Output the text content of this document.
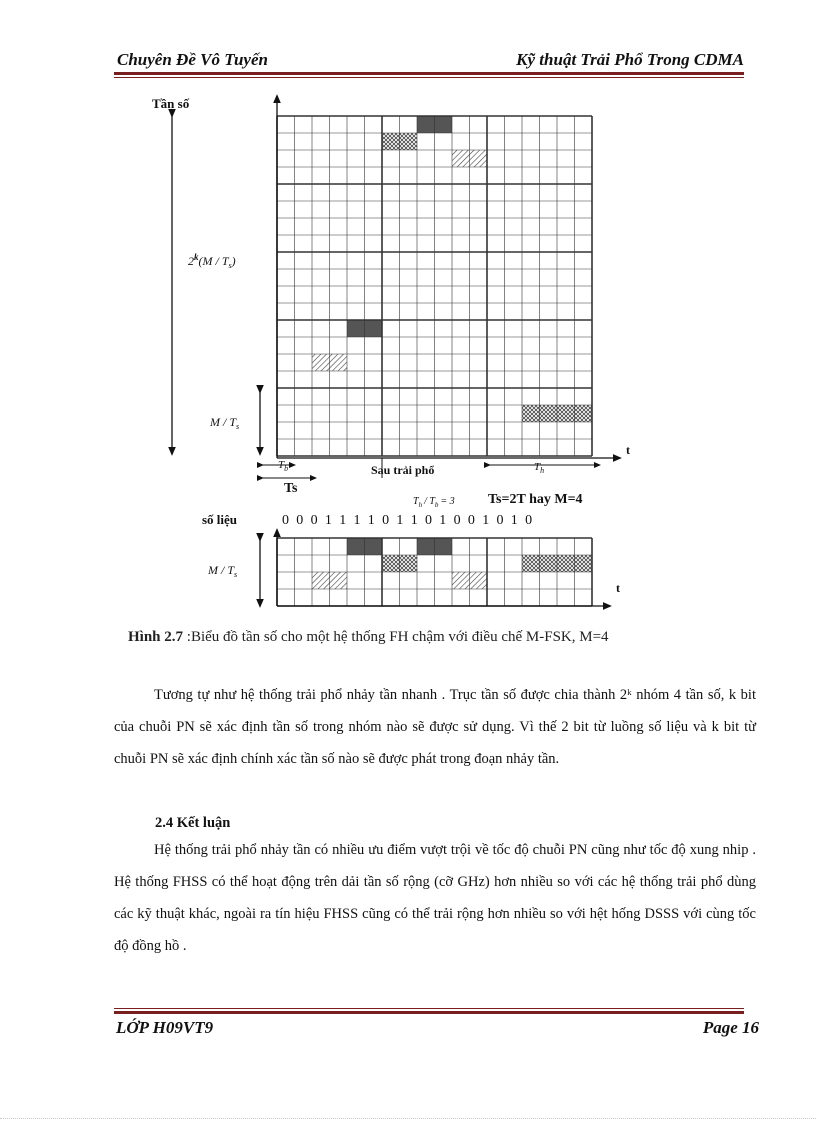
Chuyên Đề Vô Tuyến	Kỹ thuật Trải Phổ Trong CDMA
Tần số
$2^k(M / T_s)$
M / $T_s$
t
$T_b$
Ts
Sau trải phổ	$T_h$
$T_h / T_b = 3$ Ts=2T hay M=4
số liệu	0 0 0 1 1 1 1 0 1 1 0 1 0 0 1 0 1 0
t
M / $T_s$
Hình 2.7 :Biểu đồ tần số cho một hệ thống FH chậm với điều chế M-FSK, M=4
Tương tự như hệ thống trải phổ nhảy tần nhanh . Trục tần số được chia thành 2ᵏ nhóm 4 tần số, k bit của chuỗi PN sẽ xác định tần số trong nhóm nào sẽ được sử dụng. Vì thế 2 bit từ luồng số liệu và k bit từ chuỗi PN sẽ xác định chính xác tần số nào sẽ được phát trong đoạn nhảy tần.
2.4 Kết luận
Hệ thống trải phổ nhảy tần có nhiều ưu điểm vượt trội về tốc độ chuỗi PN cũng như tốc độ xung nhip . Hệ thống FHSS có thể hoạt động trên dải tần số rộng (cỡ GHz) hơn nhiều so với các hệ thống trải phổ dùng các kỹ thuật khác, ngoài ra tín hiệu FHSS cũng có thể trải rộng hơn nhiều so với hệt hống DSSS với cùng tốc độ đồng hồ .
LỚP H09VT9	Page 16
